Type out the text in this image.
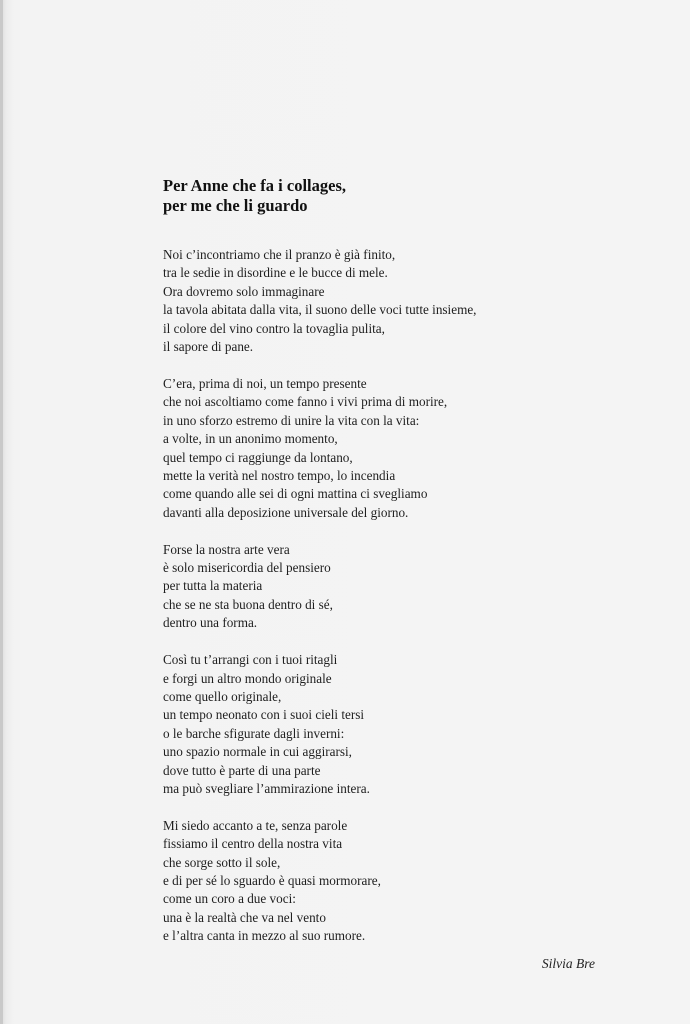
Per Anne che fa i collages,
per me che li guardo
Noi c’incontriamo che il pranzo è già finito,
tra le sedie in disordine e le bucce di mele.
Ora dovremo solo immaginare
la tavola abitata dalla vita, il suono delle voci tutte insieme,
il colore del vino contro la tovaglia pulita,
il sapore di pane.
C’era, prima di noi, un tempo presente
che noi ascoltiamo come fanno i vivi prima di morire,
in uno sforzo estremo di unire la vita con la vita:
a volte, in un anonimo momento,
quel tempo ci raggiunge da lontano,
mette la verità nel nostro tempo, lo incendia
come quando alle sei di ogni mattina ci svegliamo
davanti alla deposizione universale del giorno.
Forse la nostra arte vera
è solo misericordia del pensiero
per tutta la materia
che se ne sta buona dentro di sé,
dentro una forma.
Così tu t’arrangi con i tuoi ritagli
e forgi un altro mondo originale
come quello originale,
un tempo neonato con i suoi cieli tersi
o le barche sfigurate dagli inverni:
uno spazio normale in cui aggirarsi,
dove tutto è parte di una parte
ma può svegliare l’ammirazione intera.
Mi siedo accanto a te, senza parole
fissiamo il centro della nostra vita
che sorge sotto il sole,
e di per sé lo sguardo è quasi mormorare,
come un coro a due voci:
una è la realtà che va nel vento
e l’altra canta in mezzo al suo rumore.
Silvia Bre
